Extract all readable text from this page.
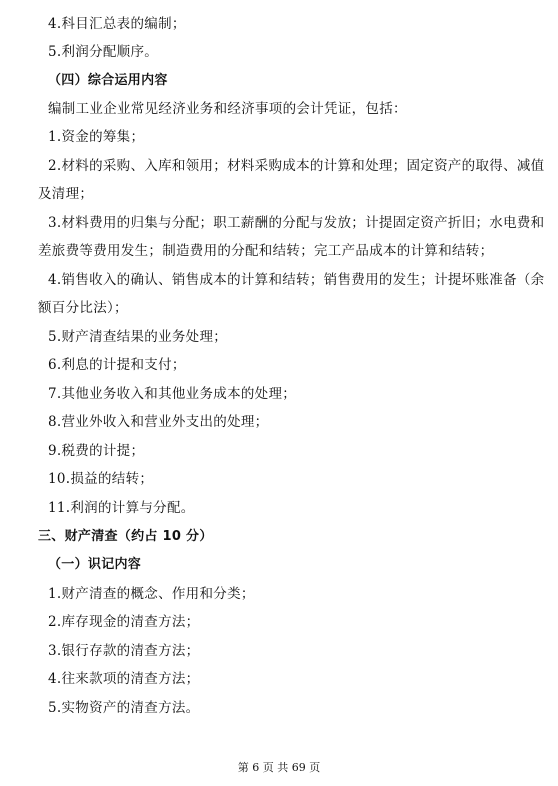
4.科目汇总表的编制；
5.利润分配顺序。
（四）综合运用内容
编制工业企业常见经济业务和经济事项的会计凭证，包括：
1.资金的筹集；
2.材料的采购、入库和领用；材料采购成本的计算和处理；固定资产的取得、减值
及清理；
3.材料费用的归集与分配；职工薪酬的分配与发放；计提固定资产折旧；水电费和
差旅费等费用发生；制造费用的分配和结转；完工产品成本的计算和结转；
4.销售收入的确认、销售成本的计算和结转；销售费用的发生；计提坏账准备（余
额百分比法）；
5.财产清查结果的业务处理；
6.利息的计提和支付；
7.其他业务收入和其他业务成本的处理；
8.营业外收入和营业外支出的处理；
9.税费的计提；
10.损益的结转；
11.利润的计算与分配。
三、财产清查（约占 10 分）
（一）识记内容
1.财产清查的概念、作用和分类；
2.库存现金的清查方法；
3.银行存款的清查方法；
4.往来款项的清查方法；
5.实物资产的清查方法。
第 6 页 共 69 页
